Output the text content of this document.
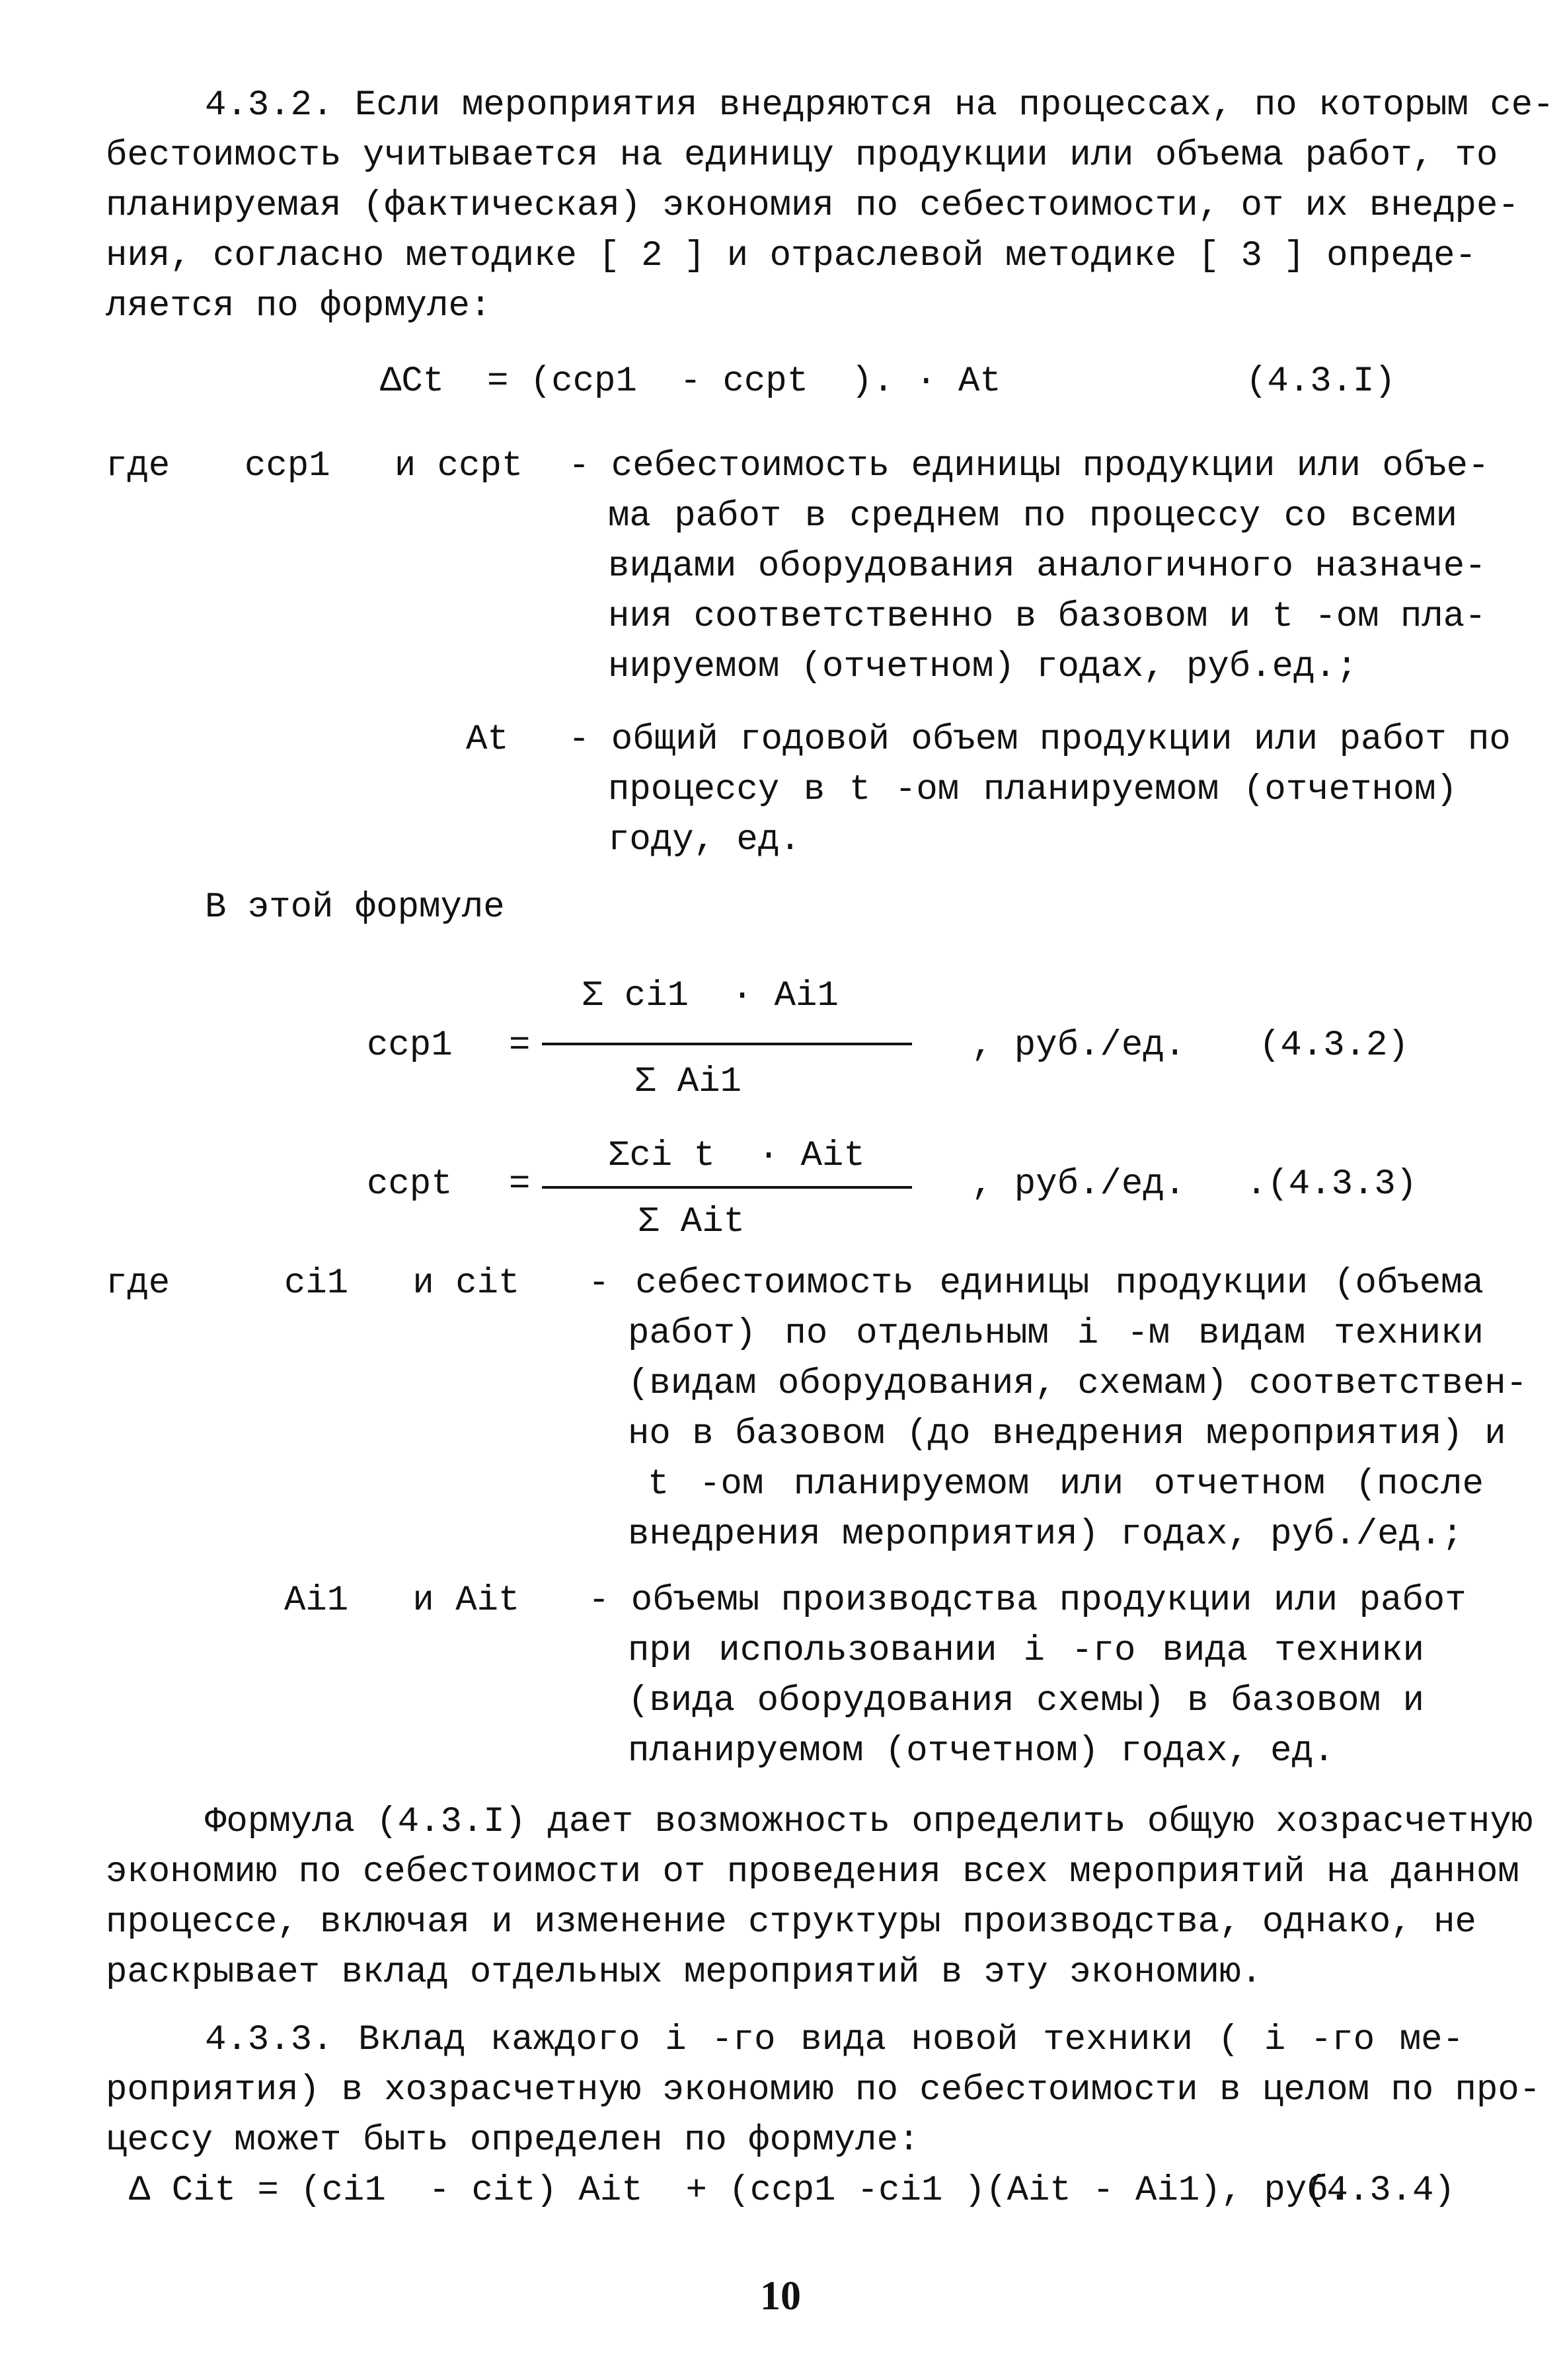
4.3.2. Если мероприятия внедряются на процессах, по которым се-
бестоимость учитывается на единицу продукции или объема работ, то
планируемая (фактическая) экономия по себестоимости, от их внедре-
ния, согласно методике [ 2 ] и отраслевой методике [ 3 ] опреде-
ляется по формуле:
ΔCt  = (cср1  - cсрt  ). · At	(4.3.I)
где cср1   и cсрt - себестоимость единицы продукции или объе-
ма работ в среднем по процессу со всеми
видами оборудования аналогичного назначе-
ния соответственно в базовом и t -ом пла-
нируемом (отчетном) годах, руб.ед.;
At - общий годовой объем продукции или работ по
процессу в t -ом планируемом (отчетном)
году, ед.
В этой формуле
cср1 =
Σ ci1  · Ai1
Σ Ai1
, руб./ед. (4.3.2)
cсрt =
Σci t  · Ait
Σ Ait
, руб./ед. .(4.3.3)
где	ci1   и cit - себестоимость единицы продукции (объема
работ) по отдельным i -м видам техники
(видам оборудования, схемам) соответствен-
но в базовом (до внедрения мероприятия) и
t -ом планируемом или отчетном (после
внедрения мероприятия) годах, руб./ед.;
Ai1   и Ait - объемы производства продукции или работ
при использовании i -го вида техники
(вида оборудования схемы) в базовом и
планируемом (отчетном) годах, ед.
Формула (4.3.I) дает возможность определить общую хозрасчетную
экономию по себестоимости от проведения всех мероприятий на данном
процессе, включая и изменение структуры производства, однако, не
раскрывает вклад отдельных мероприятий в эту экономию.
4.3.3. Вклад каждого i -го вида новой техники ( i -го ме-
роприятия) в хозрасчетную экономию по себестоимости в целом по про-
цессу может быть определен по формуле:
Δ Cit = (ci1  - cit) Ait  + (cср1 -ci1 )(Ait - Ai1), руб.
(4.3.4)
10
